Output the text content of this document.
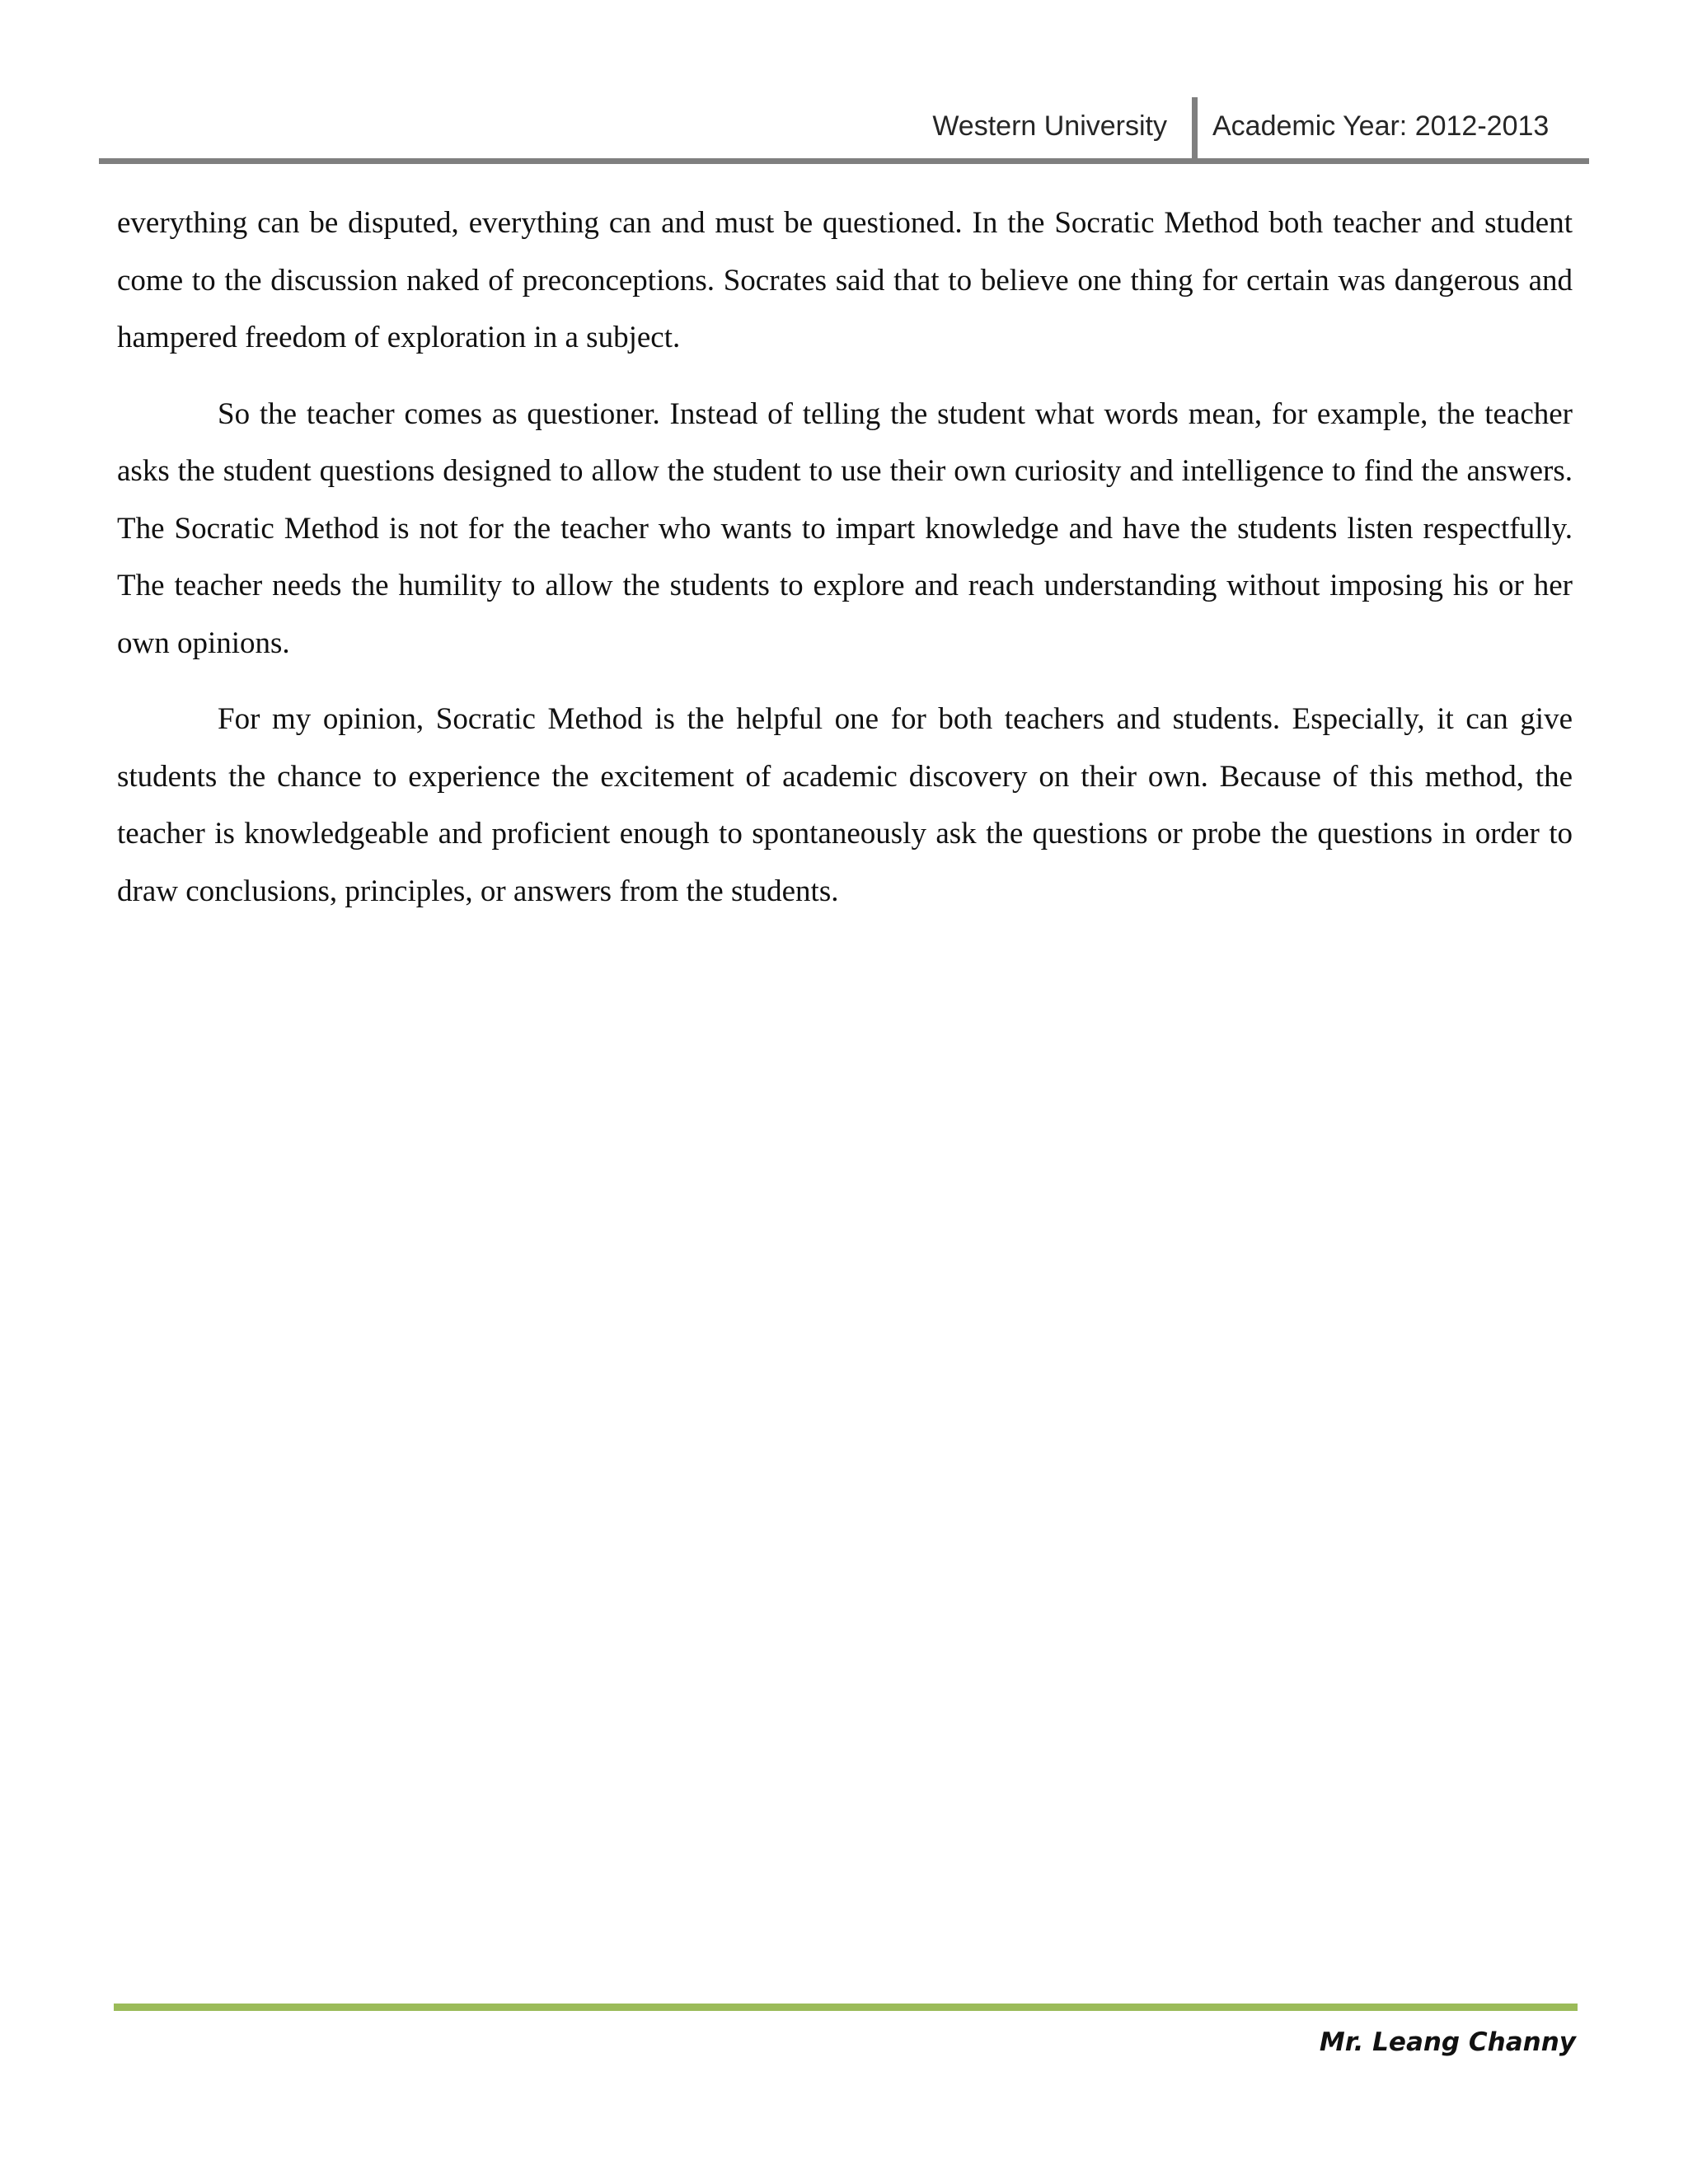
Western University Academic Year: 2012-2013

everything can be disputed, everything can and must be questioned. In the Socratic Method both teacher and student come to the discussion naked of preconceptions. Socrates said that to believe one thing for certain was dangerous and hampered freedom of exploration in a subject.

So the teacher comes as questioner. Instead of telling the student what words mean, for example, the teacher asks the student questions designed to allow the student to use their own curiosity and intelligence to find the answers. The Socratic Method is not for the teacher who wants to impart knowledge and have the students listen respectfully. The teacher needs the humility to allow the students to explore and reach understanding without imposing his or her own opinions.

For my opinion, Socratic Method is the helpful one for both teachers and students. Especially, it can give students the chance to experience the excitement of academic discovery on their own. Because of this method, the teacher is knowledgeable and proficient enough to spontaneously ask the questions or probe the questions in order to draw conclusions, principles, or answers from the students.

Mr. Leang Channy
